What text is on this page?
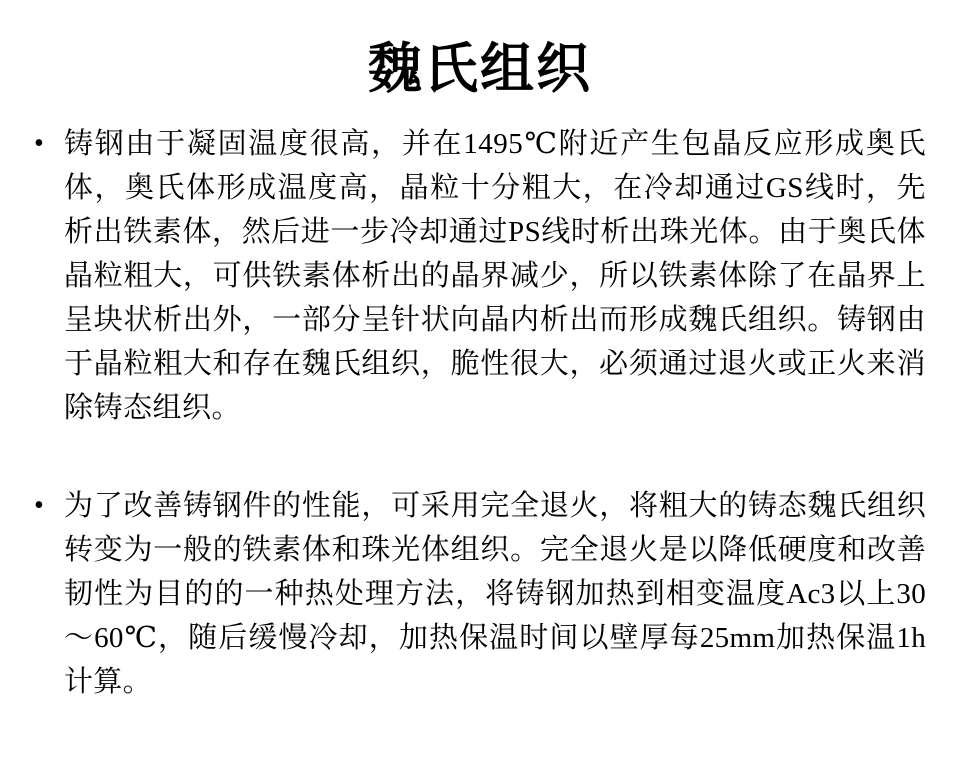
魏氏组织
• 铸钢由于凝固温度很高，并在1495℃附近产生包晶反应形成奥氏体，奥氏体形成温度高，晶粒十分粗大，在冷却通过GS线时，先析出铁素体，然后进一步冷却通过PS线时析出珠光体。由于奥氏体晶粒粗大，可供铁素体析出的晶界减少，所以铁素体除了在晶界上呈块状析出外，一部分呈针状向晶内析出而形成魏氏组织。铸钢由于晶粒粗大和存在魏氏组织，脆性很大，必须通过退火或正火来消除铸态组织。
• 为了改善铸钢件的性能，可采用完全退火，将粗大的铸态魏氏组织转变为一般的铁素体和珠光体组织。完全退火是以降低硬度和改善韧性为目的的一种热处理方法，将铸钢加热到相变温度Ac3以上30～60℃，随后缓慢冷却，加热保温时间以壁厚每25mm加热保温1h计算。
